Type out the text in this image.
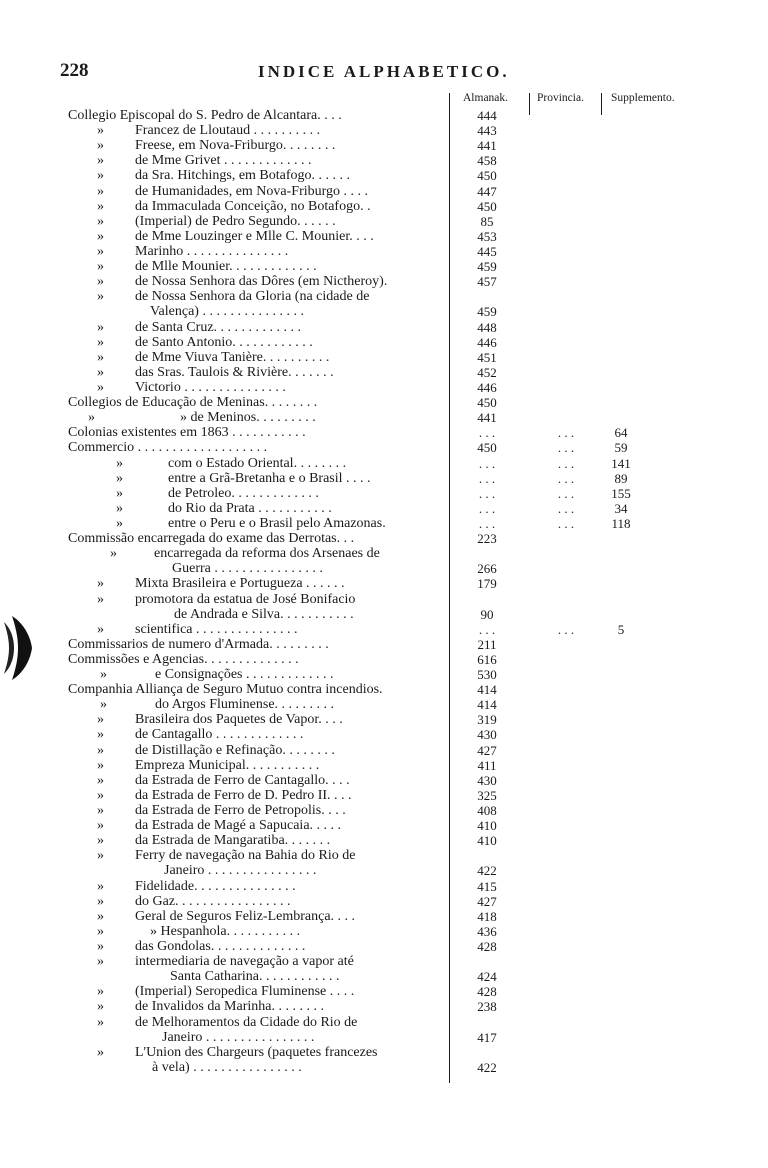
228	INDICE ALPHABETICO.
Almanak.	Provincia. Supplemento.
Collegio Episcopal do S. Pedro de Alcantara. . . .	444
» Francez de Lloutaud . . . . . . . . . .	443
» Freese, em Nova-Friburgo. . . . . . . .	441
» de Mme Grivet . . . . . . . . . . . . .	458
» da Sra. Hitchings, em Botafogo. . . . . .	450
» de Humanidades, em Nova-Friburgo . . . .	447
» da Immaculada Conceição, no Botafogo. .	450
» (Imperial) de Pedro Segundo. . . . . .	85
» de Mme Louzinger e Mlle C. Mounier. . . .	453
» Marinho . . . . . . . . . . . . . . .	445
» de Mlle Mounier. . . . . . . . . . . . .	459
» de Nossa Senhora das Dôres (em Nictheroy).	457
» de Nossa Senhora da Gloria (na cidade de
Valença) . . . . . . . . . . . . . . .	459
» de Santa Cruz. . . . . . . . . . . . .	448
» de Santo Antonio. . . . . . . . . . . .	446
» de Mme Viuva Tanière. . . . . . . . . .	451
» das Sras. Taulois & Rivière. . . . . . .	452
» Victorio . . . . . . . . . . . . . . .	446
Collegios de Educação de Meninas. . . . . . . .	450
»	» de Meninos. . . . . . . . .	441
Colonias existentes em 1863 . . . . . . . . . . .	. . .	. . .	64
Commercio . . . . . . . . . . . . . . . . . . .	450	. . .	59
»	com o Estado Oriental. . . . . . . .	. . .	. . .	141
»	entre a Grã-Bretanha e o Brasil . . . .	. . .	. . .	89
»	de Petroleo. . . . . . . . . . . . .	. . .	. . .	155
»	do Rio da Prata . . . . . . . . . . .	. . .	. . .	34
»	entre o Peru e o Brasil pelo Amazonas.	. . .	. . .	118
Commissão encarregada do exame das Derrotas. . .	223
»	encarregada da reforma dos Arsenaes de
Guerra . . . . . . . . . . . . . . . .	266
» Mixta Brasileira e Portugueza . . . . . .	179
» promotora da estatua de José Bonifacio
de Andrada e Silva. . . . . . . . . . .	90
» scientifica . . . . . . . . . . . . . . .	. . .	. . .	5
Commissarios de numero d'Armada. . . . . . . . .	211
Commissões e Agencias. . . . . . . . . . . . . .	616
»	e Consignações . . . . . . . . . . . . .	530
Companhia Alliança de Seguro Mutuo contra incendios.	414
»	do Argos Fluminense. . . . . . . . .	414
» Brasileira dos Paquetes de Vapor. . . .	319
» de Cantagallo . . . . . . . . . . . . .	430
» de Distillação e Refinação. . . . . . . .	427
» Empreza Municipal. . . . . . . . . . .	411
» da Estrada de Ferro de Cantagallo. . . .	430
» da Estrada de Ferro de D. Pedro II. . . .	325
» da Estrada de Ferro de Petropolis. . . .	408
» da Estrada de Magé a Sapucaia. . . . .	410
» da Estrada de Mangaratiba. . . . . . .	410
» Ferry de navegação na Bahia do Rio de
Janeiro . . . . . . . . . . . . . . . .	422
» Fidelidade. . . . . . . . . . . . . . .	415
» do Gaz. . . . . . . . . . . . . . . . .	427
» Geral de Seguros Feliz-Lembrança. . . .	418
»	» Hespanhola. . . . . . . . . . .	436
» das Gondolas. . . . . . . . . . . . . .	428
» intermediaria de navegação a vapor até
Santa Catharina. . . . . . . . . . . .	424
» (Imperial) Seropedica Fluminense . . . .	428
» de Invalidos da Marinha. . . . . . . .	238
» de Melhoramentos da Cidade do Rio de
Janeiro . . . . . . . . . . . . . . . .	417
» L'Union des Chargeurs (paquetes francezes
à vela) . . . . . . . . . . . . . . . .	422
